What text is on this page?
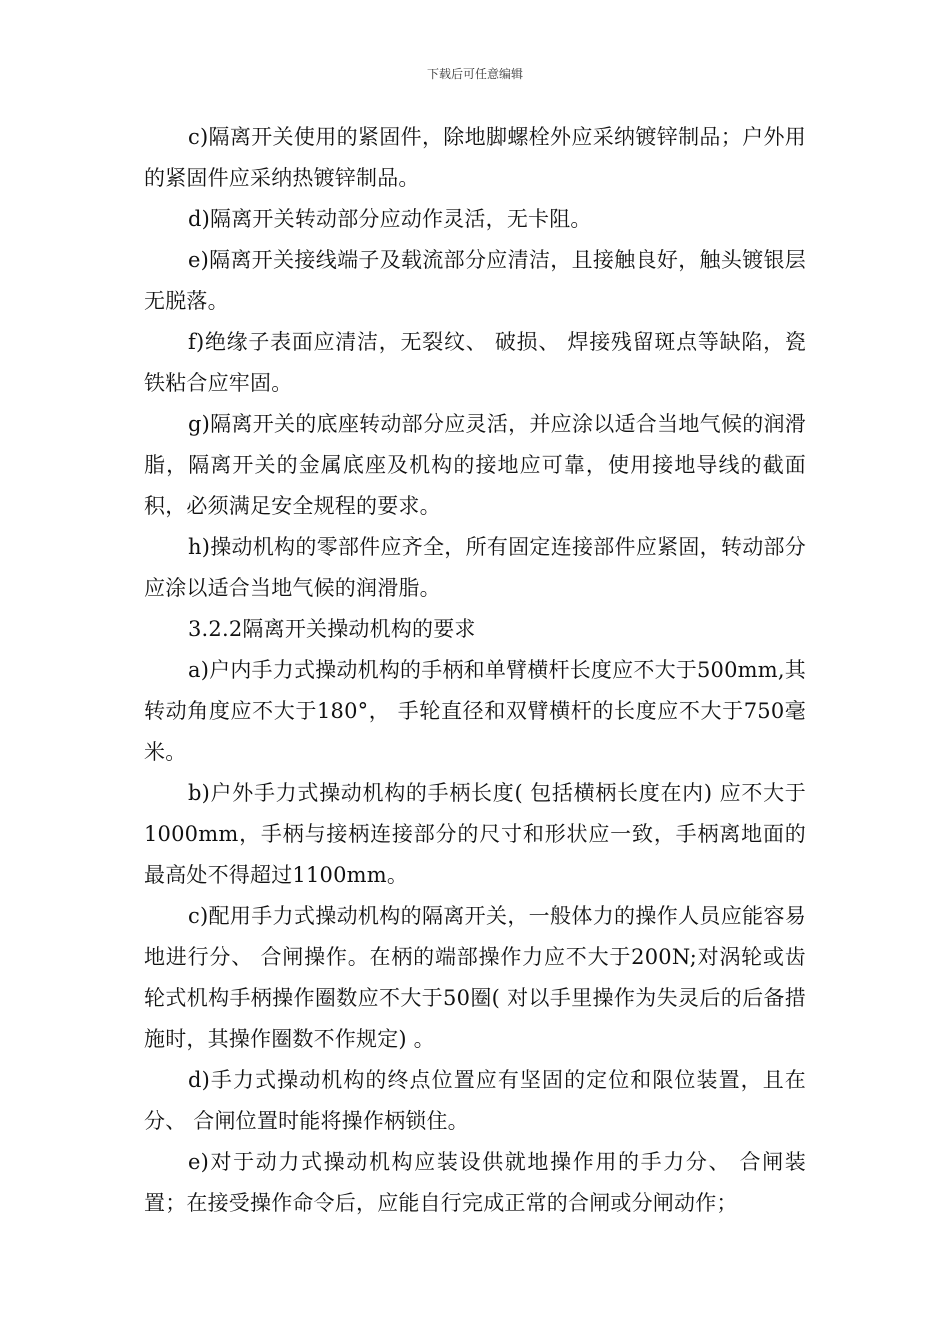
下载后可任意编辑

c)隔离开关使用的紧固件，除地脚螺栓外应采纳镀锌制品；户外用的紧固件应采纳热镀锌制品。

d)隔离开关转动部分应动作灵活，无卡阻。

e)隔离开关接线端子及载流部分应清洁，且接触良好，触头镀银层无脱落。

f)绝缘子表面应清洁，无裂纹、 破损、 焊接残留斑点等缺陷，瓷铁粘合应牢固。

g)隔离开关的底座转动部分应灵活，并应涂以适合当地气候的润滑脂，隔离开关的金属底座及机构的接地应可靠，使用接地导线的截面积，必须满足安全规程的要求。

h)操动机构的零部件应齐全，所有固定连接部件应紧固，转动部分应涂以适合当地气候的润滑脂。

3.2.2隔离开关操动机构的要求

a)户内手力式操动机构的手柄和单臂横杆长度应不大于500mm,其转动角度应不大于180°， 手轮直径和双臂横杆的长度应不大于750毫米。

b)户外手力式操动机构的手柄长度( 包括横柄长度在内) 应不大于1000mm，手柄与接柄连接部分的尺寸和形状应一致，手柄离地面的最高处不得超过1100mm。

c)配用手力式操动机构的隔离开关，一般体力的操作人员应能容易地进行分、 合闸操作。在柄的端部操作力应不大于200N;对涡轮或齿轮式机构手柄操作圈数应不大于50圈( 对以手里操作为失灵后的后备措施时，其操作圈数不作规定) 。

d)手力式操动机构的终点位置应有坚固的定位和限位装置，且在分、 合闸位置时能将操作柄锁住。

e)对于动力式操动机构应装设供就地操作用的手力分、 合闸装置；在接受操作命令后，应能自行完成正常的合闸或分闸动作；
